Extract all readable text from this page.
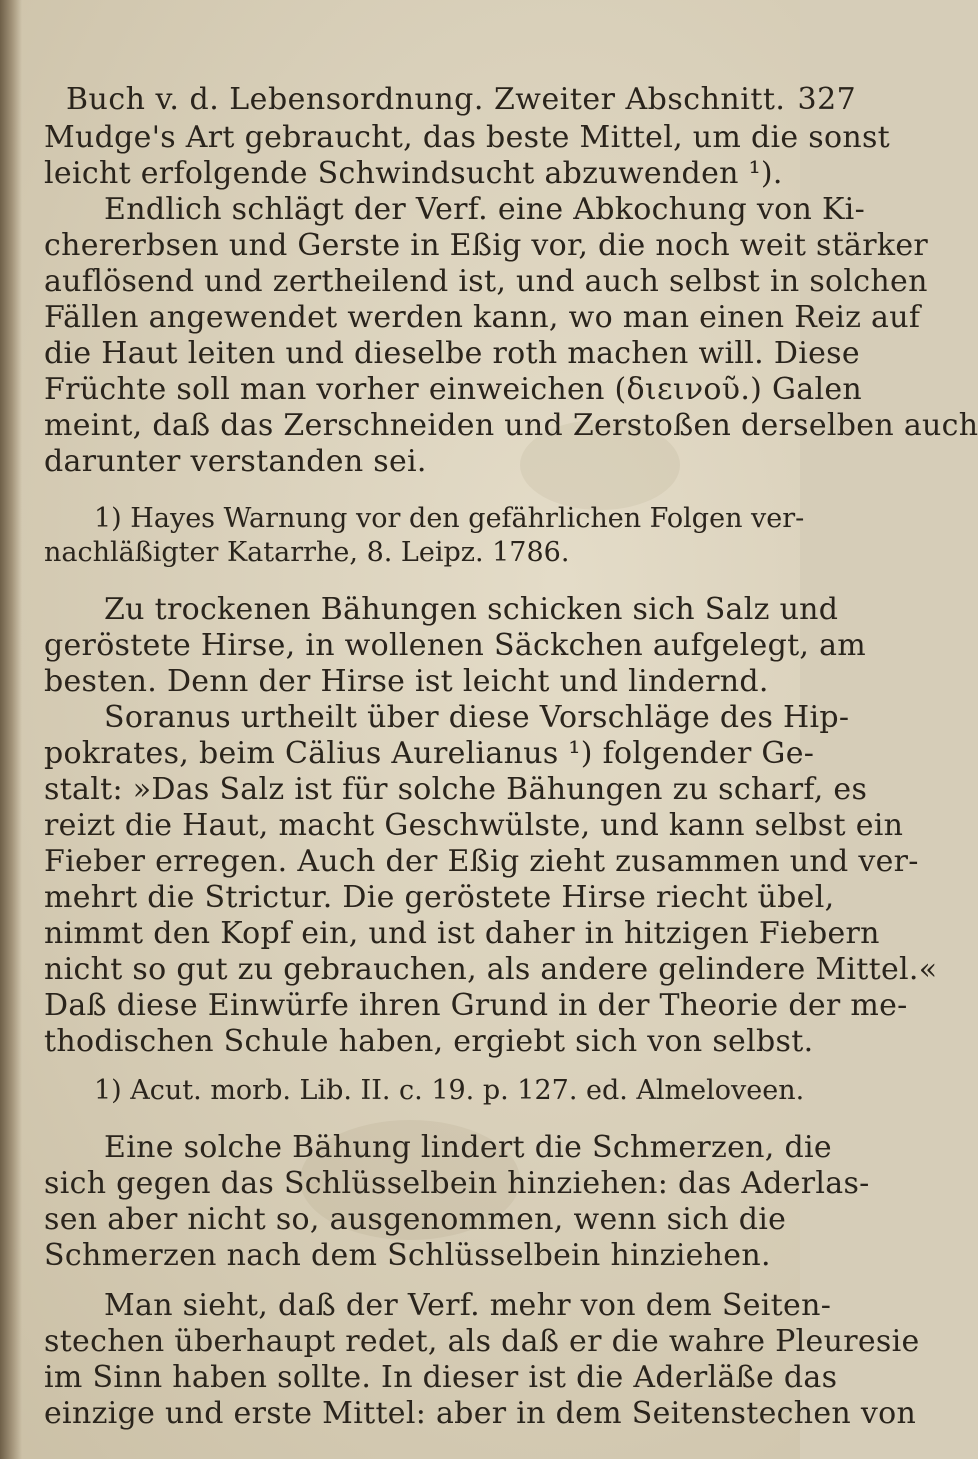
Buch v. d. Lebensordnung. Zweiter Abschnitt. 327
Mudge's Art gebraucht, das beste Mittel, um die sonst
leicht erfolgende Schwindsucht abzuwenden ¹).
Endlich schlägt der Verf. eine Abkochung von Ki-
chererbsen und Gerste in Eßig vor, die noch weit stärker
auflösend und zertheilend ist, und auch selbst in solchen
Fällen angewendet werden kann, wo man einen Reiz auf
die Haut leiten und dieselbe roth machen will. Diese
Früchte soll man vorher einweichen (διεινοῦ.) Galen
meint, daß das Zerschneiden und Zerstoßen derselben auch
darunter verstanden sei.
1) Hayes Warnung vor den gefährlichen Folgen ver-
nachläßigter Katarrhe, 8. Leipz. 1786.
Zu trockenen Bähungen schicken sich Salz und
geröstete Hirse, in wollenen Säckchen aufgelegt, am
besten. Denn der Hirse ist leicht und lindernd.
Soranus urtheilt über diese Vorschläge des Hip-
pokrates, beim Cälius Aurelianus ¹) folgender Ge-
stalt: »Das Salz ist für solche Bähungen zu scharf, es
reizt die Haut, macht Geschwülste, und kann selbst ein
Fieber erregen. Auch der Eßig zieht zusammen und ver-
mehrt die Strictur. Die geröstete Hirse riecht übel,
nimmt den Kopf ein, und ist daher in hitzigen Fiebern
nicht so gut zu gebrauchen, als andere gelindere Mittel.«
Daß diese Einwürfe ihren Grund in der Theorie der me-
thodischen Schule haben, ergiebt sich von selbst.
1) Acut. morb. Lib. II. c. 19. p. 127. ed. Almeloveen.
Eine solche Bähung lindert die Schmerzen, die
sich gegen das Schlüsselbein hinziehen: das Aderlas-
sen aber nicht so, ausgenommen, wenn sich die
Schmerzen nach dem Schlüsselbein hinziehen.
Man sieht, daß der Verf. mehr von dem Seiten-
stechen überhaupt redet, als daß er die wahre Pleuresie
im Sinn haben sollte. In dieser ist die Aderläße das
einzige und erste Mittel: aber in dem Seitenstechen von
